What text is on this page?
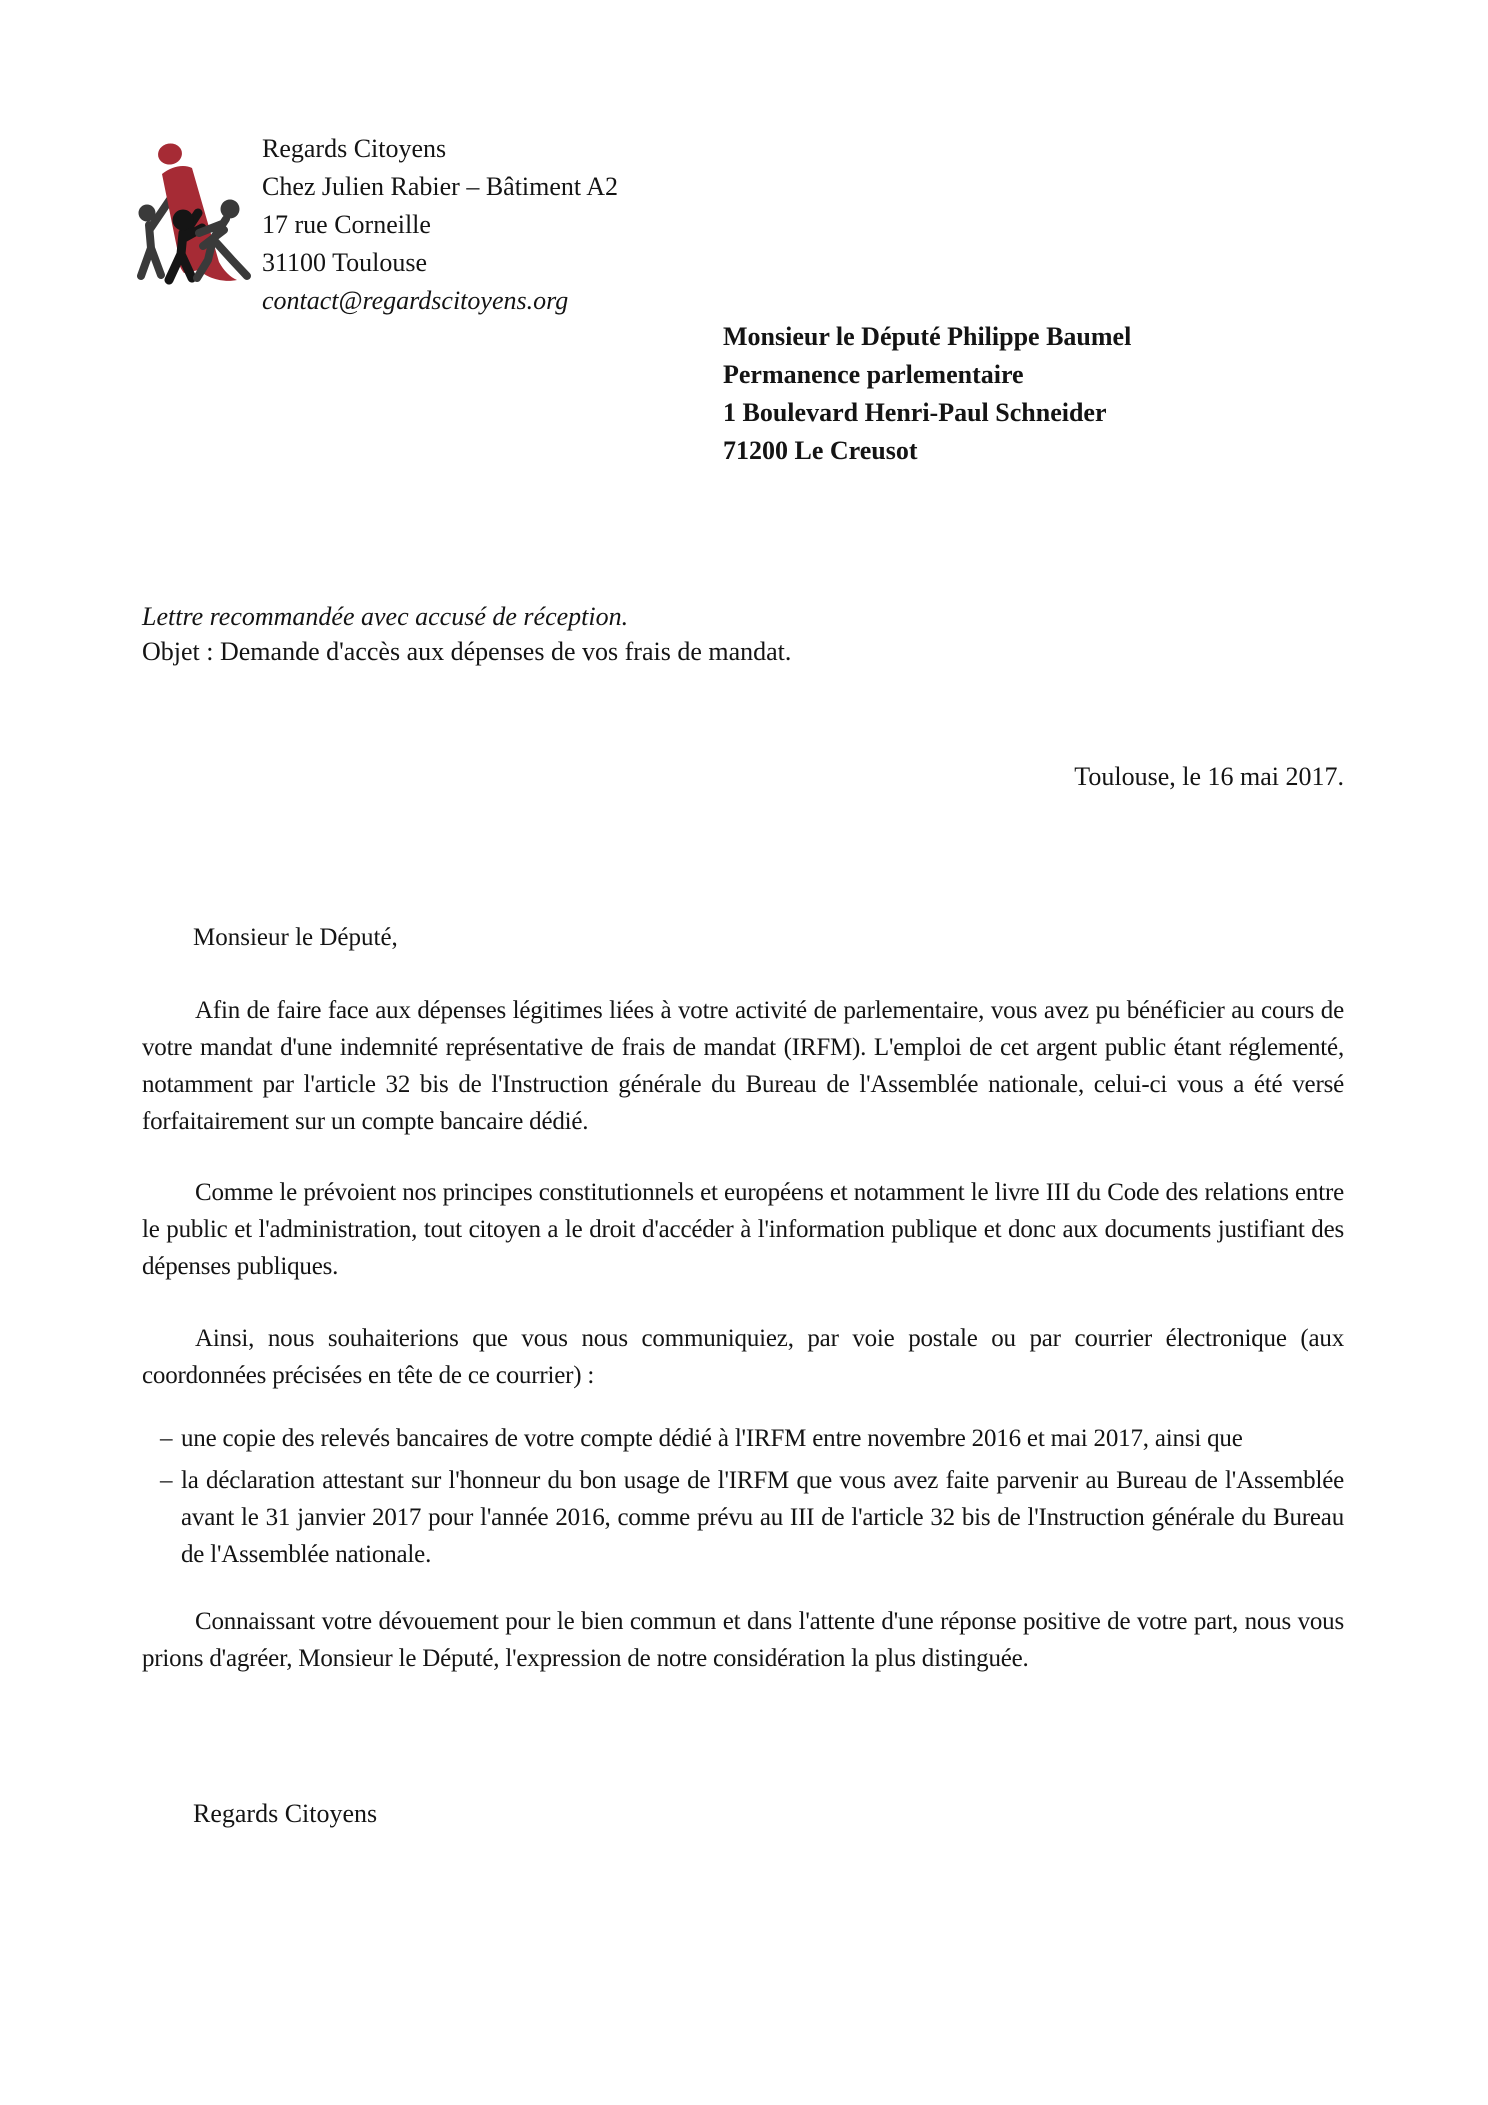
Regards Citoyens
Chez Julien Rabier – Bâtiment A2
17 rue Corneille
31100 Toulouse
contact@regardscitoyens.org
Monsieur le Député Philippe Baumel
Permanence parlementaire
1 Boulevard Henri-Paul Schneider
71200 Le Creusot
Lettre recommandée avec accusé de réception.
Objet : Demande d'accès aux dépenses de vos frais de mandat.
Toulouse, le 16 mai 2017.
Monsieur le Député,

Afin de faire face aux dépenses légitimes liées à votre activité de parlementaire, vous avez pu bénéficier au cours de votre mandat d'une indemnité représentative de frais de mandat (IRFM). L'emploi de cet argent public étant réglementé, notamment par l'article 32 bis de l'Instruction générale du Bureau de l'Assemblée nationale, celui-ci vous a été versé forfaitairement sur un compte bancaire dédié.

Comme le prévoient nos principes constitutionnels et européens et notamment le livre III du Code des relations entre le public et l'administration, tout citoyen a le droit d'accéder à l'information publique et donc aux documents justifiant des dépenses publiques.

Ainsi, nous souhaiterions que vous nous communiquiez, par voie postale ou par courrier électronique (aux coordonnées précisées en tête de ce courrier) :

– une copie des relevés bancaires de votre compte dédié à l'IRFM entre novembre 2016 et mai 2017, ainsi que
– la déclaration attestant sur l'honneur du bon usage de l'IRFM que vous avez faite parvenir au Bureau de l'Assemblée avant le 31 janvier 2017 pour l'année 2016, comme prévu au III de l'article 32 bis de l'Instruction générale du Bureau de l'Assemblée nationale.

Connaissant votre dévouement pour le bien commun et dans l'attente d'une réponse positive de votre part, nous vous prions d'agréer, Monsieur le Député, l'expression de notre considération la plus distinguée.

Regards Citoyens
